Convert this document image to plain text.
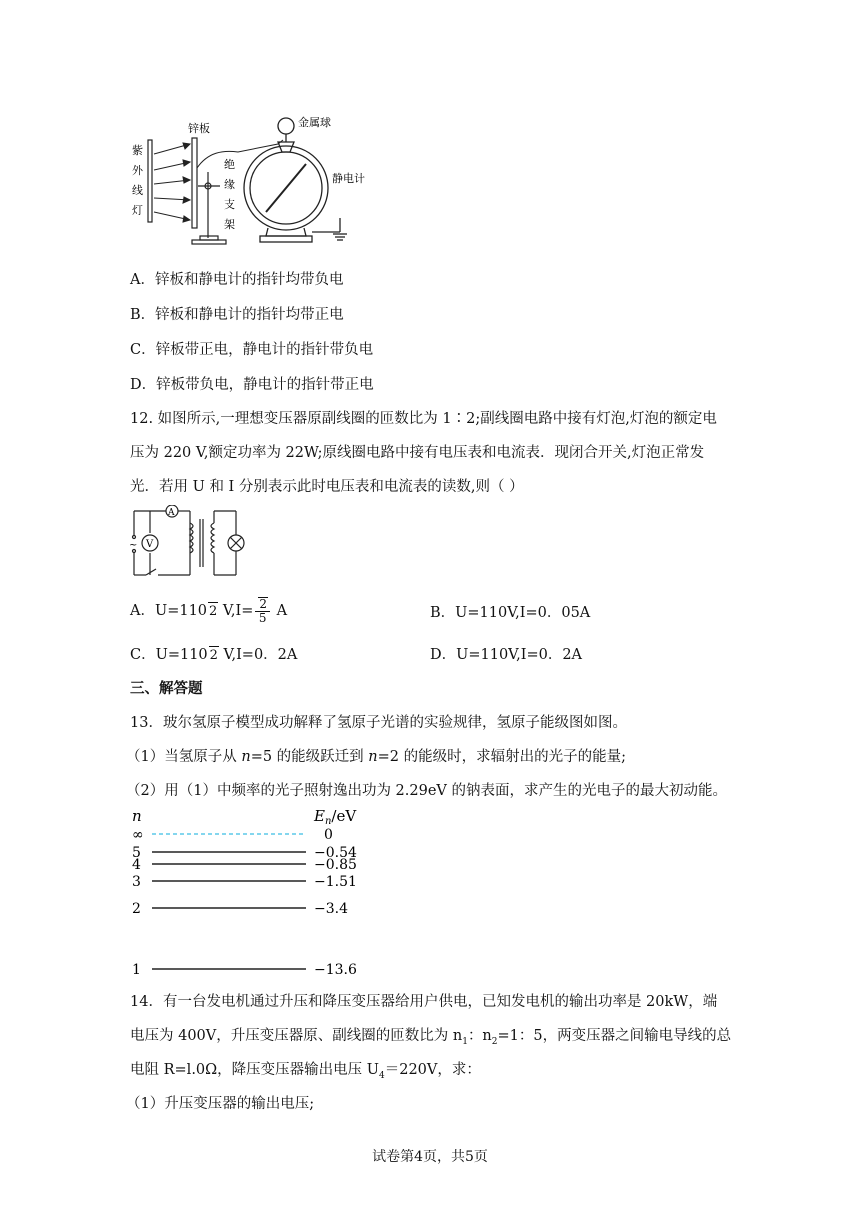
紫
外
线
灯
锌板
绝
缘
支
架
金属球
静电计
A．锌板和静电计的指针均带负电
B．锌板和静电计的指针均带正电
C．锌板带正电，静电计的指针带负电
D．锌板带负电，静电计的指针带正电
12. 如图所示,一理想变压器原副线圈的匝数比为 1∶2;副线圈电路中接有灯泡,灯泡的额定电
压为 220 V,额定功率为 22W;原线圈电路中接有电压表和电流表．现闭合开关,灯泡正常发
光．若用 U 和 I 分别表示此时电压表和电流表的读数,则（ ）
A
V
~
A．U=110 2 $V,I= \frac{2}{5}$ A	B．U=110V,I=0．05A
C．U=110 2 V,I=0．2A	D．U=110V,I=0．2A
三、解答题
13．玻尔氢原子模型成功解释了氢原子光谱的实验规律，氢原子能级图如图。
（1）当氢原子从 n=5 的能级跃迁到 n=2 的能级时，求辐射出的光子的能量;
（2）用（1）中频率的光子照射逸出功为 2.29eV 的钠表面，求产生的光电子的最大初动能。
n	$E_n/eV$
∞	0
5	−0.54
4	−0.85
3	−1.51
2	−3.4
1	−13.6
14．有一台发电机通过升压和降压变压器给用户供电，已知发电机的输出功率是 20kW，端
电压为 400V，升压变压器原、副线圈的匝数比为 $n_1$：$n_2=1$：5，两变压器之间输电导线的总
电阻 R=l.0Ω，降压变压器输出电压 $U_4=220V$，求：
（1）升压变压器的输出电压;
试卷第4页，共5页
